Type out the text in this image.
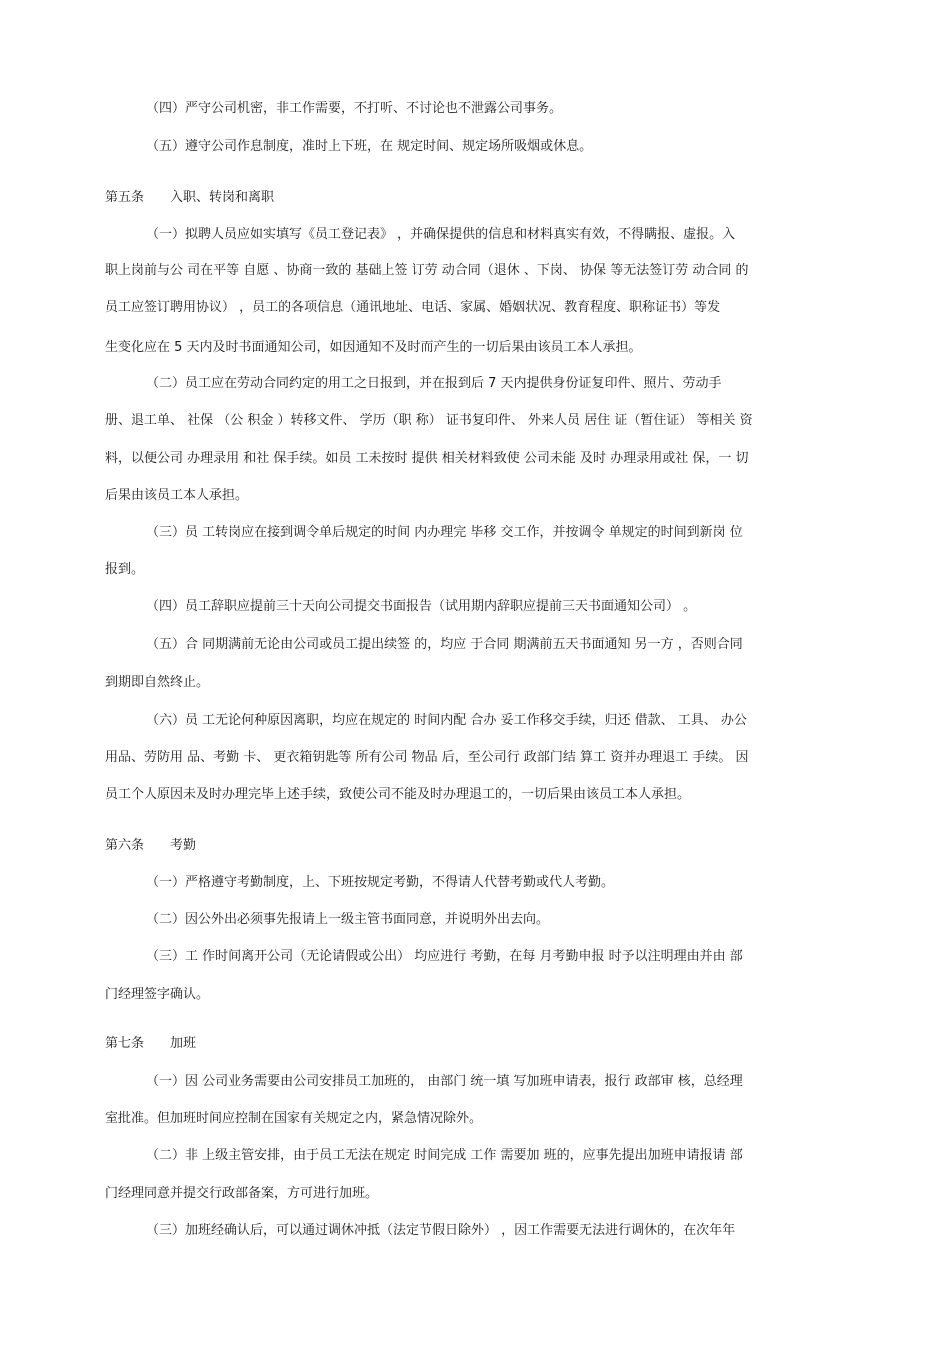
（四）严守公司机密，非工作需要，不打听、不讨论也不泄露公司事务。
（五）遵守公司作息制度，准时上下班，在 规定时间、规定场所吸烟或休息。
第五条　　入职、转岗和离职
（一）拟聘人员应如实填写《员工登记表》 ，并确保提供的信息和材料真实有效，不得瞒报、虚报。入
职上岗前与公 司在平等 自愿 、协商一致的 基础上签 订劳 动合同（退休 、下岗、 协保 等无法签订劳 动合同 的
员工应签订聘用协议） ，员工的各项信息（通讯地址、电话、家属、婚姻状况、教育程度、职称证书）等发
生变化应在 5 天内及时书面通知公司，如因通知不及时而产生的一切后果由该员工本人承担。
（二）员工应在劳动合同约定的用工之日报到，并在报到后 7 天内提供身份证复印件、照片、劳动手
册、退工单、 社保 （公 积金 ）转移文件、 学历（职 称） 证书复印件、 外来人员 居住 证（暂住证） 等相关 资
料，以便公司 办理录用 和社 保手续。如员 工未按时 提供 相关材料致使 公司未能 及时 办理录用或社 保，一 切
后果由该员工本人承担。
（三）员 工转岗应在接到调令单后规定的时间 内办理完 毕移 交工作，并按调令 单规定的时间到新岗 位
报到。
（四）员工辞职应提前三十天向公司提交书面报告（试用期内辞职应提前三天书面通知公司） 。
（五）合 同期满前无论由公司或员工提出续签 的，均应 于合同 期满前五天书面通知 另一方 ，否则合同
到期即自然终止。
（六）员 工无论何种原因离职，均应在规定的 时间内配 合办 妥工作移交手续，归还 借款、 工具、 办公
用品、劳防用 品、考勤 卡、 更衣箱钥匙等 所有公司 物品 后，至公司行 政部门结 算工 资并办理退工 手续。 因
员工个人原因未及时办理完毕上述手续，致使公司不能及时办理退工的，一切后果由该员工本人承担。
第六条　　考勤
（一）严格遵守考勤制度，上、下班按规定考勤，不得请人代替考勤或代人考勤。
（二）因公外出必须事先报请上一级主管书面同意，并说明外出去向。
（三）工 作时间离开公司（无论请假或公出） 均应进行 考勤，在每 月考勤申报 时予以注明理由并由 部
门经理签字确认。
第七条　　加班
（一）因 公司业务需要由公司安排员工加班的， 由部门 统一填 写加班申请表，报行 政部审 核，总经理
室批准。但加班时间应控制在国家有关规定之内，紧急情况除外。
（二）非 上级主管安排，由于员工无法在规定 时间完成 工作 需要加 班的，应事先提出加班申请报请 部
门经理同意并提交行政部备案，方可进行加班。
（三）加班经确认后，可以通过调休冲抵（法定节假日除外） ，因工作需要无法进行调休的，在次年年
